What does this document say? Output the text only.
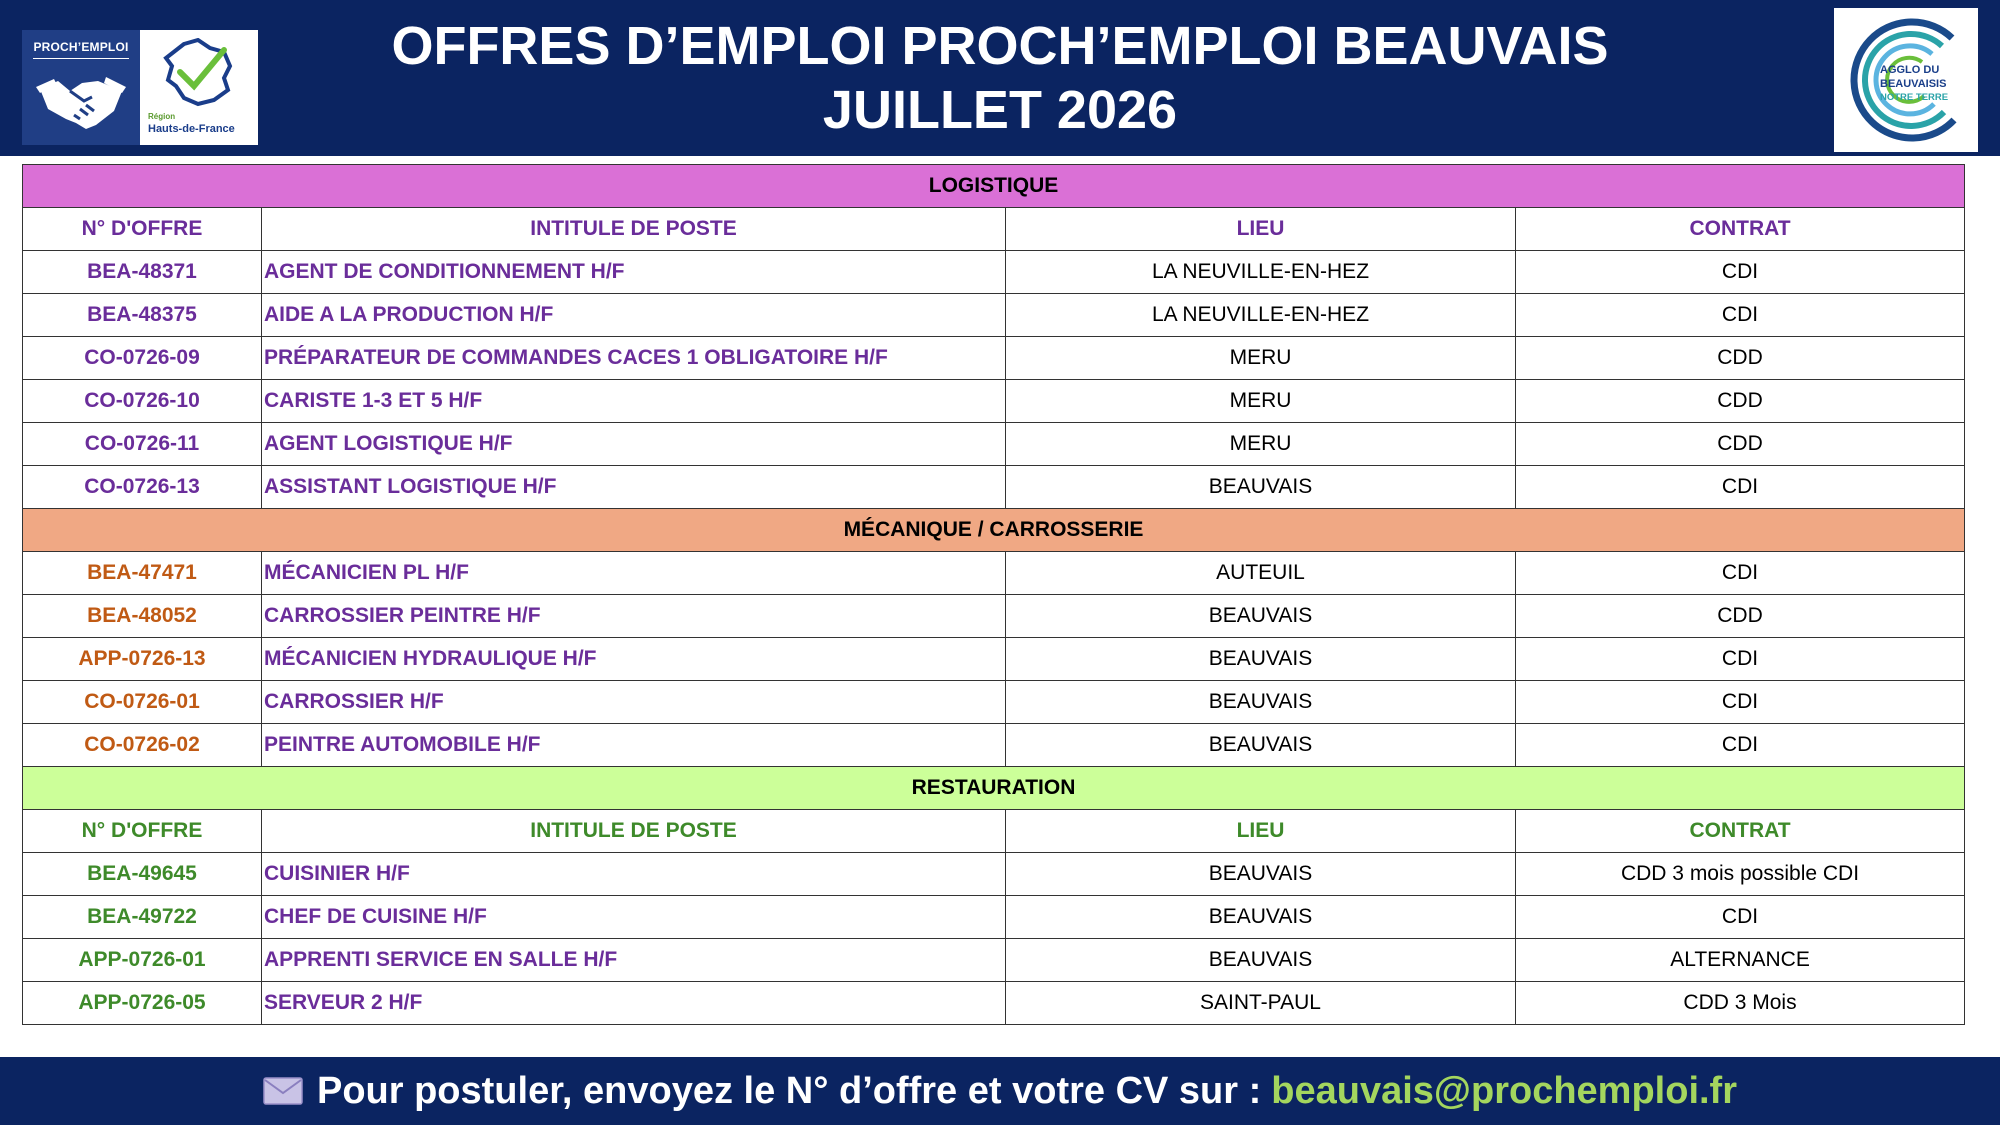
PROCH’EMPLOI
Région
Hauts-de-France
OFFRES D’EMPLOI PROCH’EMPLOI BEAUVAIS
JUILLET 2026
AGGLO DU
BEAUVAISIS
NOTRE TERRE
LOGISTIQUE			
N° D'OFFRE	INTITULE DE POSTE	LIEU	CONTRAT
BEA-48371	AGENT DE CONDITIONNEMENT H/F	LA NEUVILLE-EN-HEZ	CDI
BEA-48375	AIDE A LA PRODUCTION H/F	LA NEUVILLE-EN-HEZ	CDI
CO-0726-09	PRÉPARATEUR DE COMMANDES CACES 1 OBLIGATOIRE H/F	MERU	CDD
CO-0726-10	CARISTE 1-3 ET 5 H/F	MERU	CDD
CO-0726-11	AGENT LOGISTIQUE H/F	MERU	CDD
CO-0726-13	ASSISTANT LOGISTIQUE H/F	BEAUVAIS	CDI
MÉCANIQUE / CARROSSERIE			
BEA-47471	MÉCANICIEN PL H/F	AUTEUIL	CDI
BEA-48052	CARROSSIER PEINTRE H/F	BEAUVAIS	CDD
APP-0726-13	MÉCANICIEN HYDRAULIQUE H/F	BEAUVAIS	CDI
CO-0726-01	CARROSSIER H/F	BEAUVAIS	CDI
CO-0726-02	PEINTRE AUTOMOBILE H/F	BEAUVAIS	CDI
RESTAURATION			
N° D'OFFRE	INTITULE DE POSTE	LIEU	CONTRAT
BEA-49645	CUISINIER H/F	BEAUVAIS	CDD 3 mois possible CDI
BEA-49722	CHEF DE CUISINE H/F	BEAUVAIS	CDI
APP-0726-01	APPRENTI SERVICE EN SALLE H/F	BEAUVAIS	ALTERNANCE
APP-0726-05	SERVEUR 2 H/F	SAINT-PAUL	CDD 3 Mois
Pour postuler, envoyez le N° d’offre et votre CV sur : beauvais@prochemploi.fr
